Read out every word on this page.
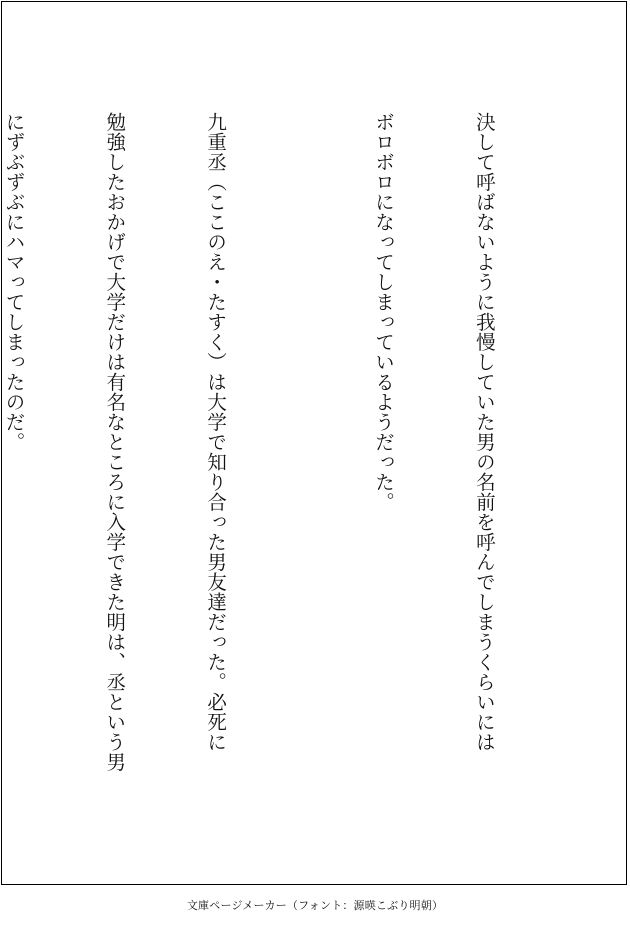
決して呼ばないように我慢していた男の名前を呼んでしまうくらいには

ボロボロになってしまっているようだった。

九重丞（ここのえ・たすく）は大学で知り合った男友達だった。必死に

勉強したおかげで大学だけは有名なところに入学できた明は、丞という男

にずぶずぶにハマってしまったのだ。

文庫ページメーカー（フォント：源暎こぶり明朝）
